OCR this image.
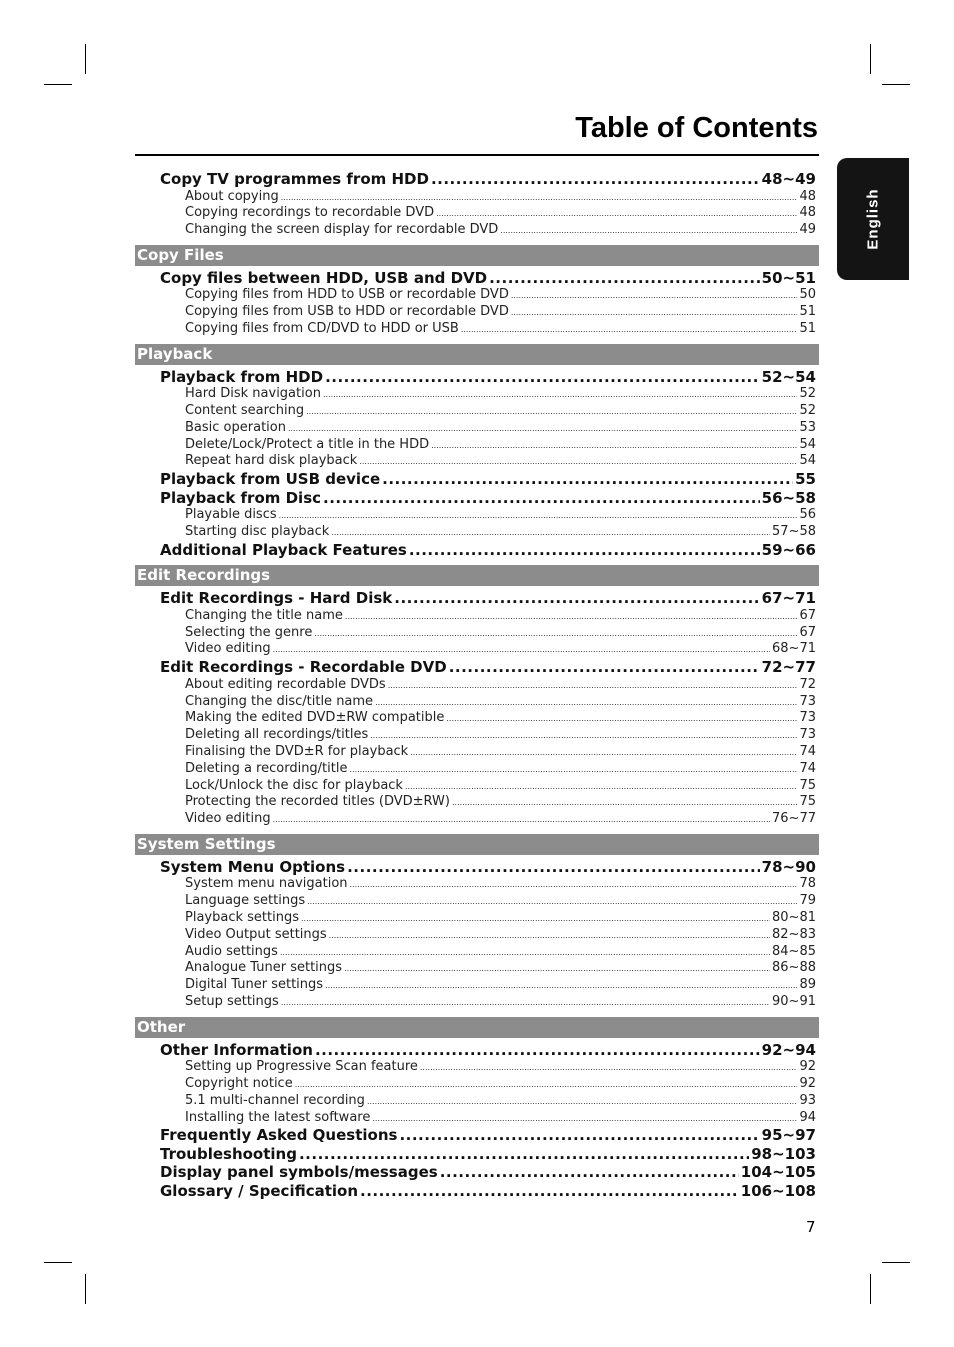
Table of Contents
English
Copy TV programmes from HDD .....	48~49
About copying .....	48
Copying recordings to recordable DVD .....	48
Changing the screen display for recordable DVD .....	49
Copy Files
Copy files between HDD, USB and DVD .....	50~51
Copying files from HDD to USB or recordable DVD .....	50
Copying files from USB to HDD or recordable DVD .....	51
Copying files from CD/DVD to HDD or USB .....	51
Playback
Playback from HDD .....	52~54
Hard Disk navigation .....	52
Content searching .....	52
Basic operation .....	53
Delete/Lock/Protect a title in the HDD .....	54
Repeat hard disk playback .....	54
Playback from USB device .....	55
Playback from Disc .....	56~58
Playable discs .....	56
Starting disc playback .....	57~58
Additional Playback Features .....	59~66
Edit Recordings
Edit Recordings - Hard Disk .....	67~71
Changing the title name .....	67
Selecting the genre .....	67
Video editing .....	68~71
Edit Recordings - Recordable DVD .....	72~77
About editing recordable DVDs .....	72
Changing the disc/title name .....	73
Making the edited DVD±RW compatible .....	73
Deleting all recordings/titles .....	73
Finalising the DVD±R for playback .....	74
Deleting a recording/title .....	74
Lock/Unlock the disc for playback .....	75
Protecting the recorded titles (DVD±RW) .....	75
Video editing .....	76~77
System Settings
System Menu Options .....	78~90
System menu navigation .....	78
Language settings .....	79
Playback settings .....	80~81
Video Output settings .....	82~83
Audio settings .....	84~85
Analogue Tuner settings .....	86~88
Digital Tuner settings .....	89
Setup settings .....	90~91
Other
Other Information .....	92~94
Setting up Progressive Scan feature .....	92
Copyright notice .....	92
5.1 multi-channel recording .....	93
Installing the latest software .....	94
Frequently Asked Questions .....	95~97
Troubleshooting .....	98~103
Display panel symbols/messages .....	104~105
Glossary / Specification .....	106~108
7
